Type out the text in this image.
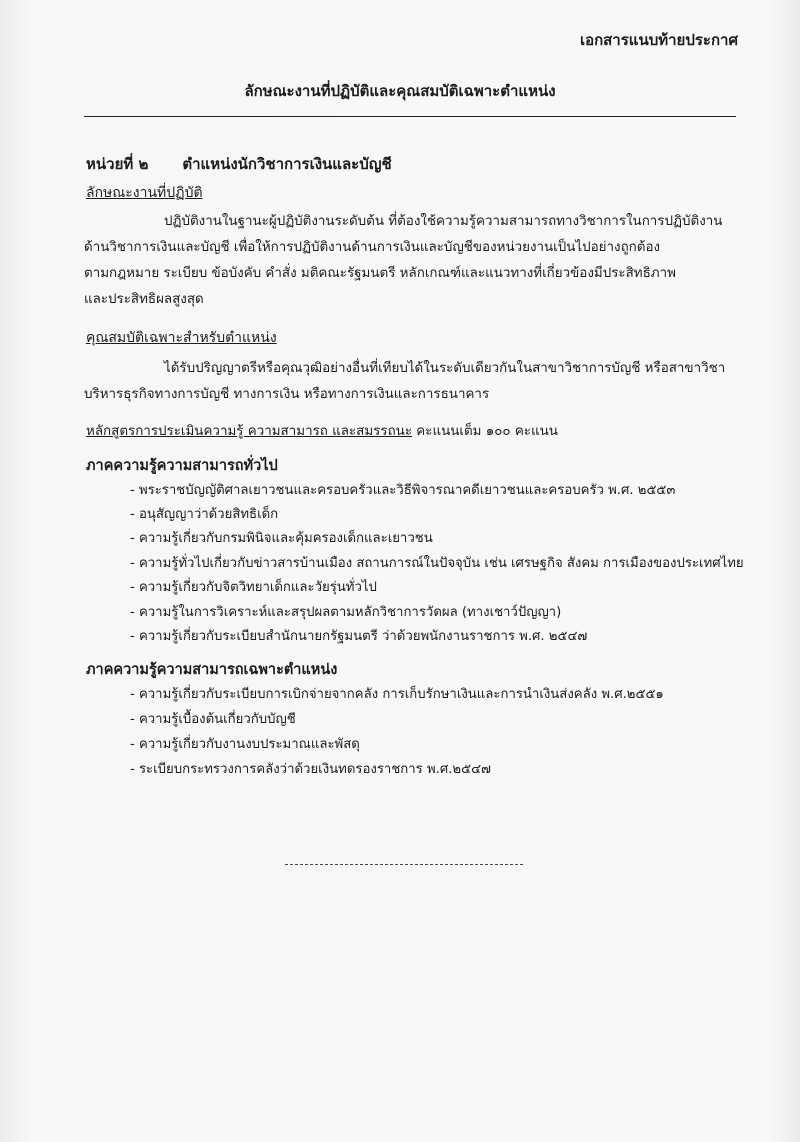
เอกสารแนบท้ายประกาศ
ลักษณะงานที่ปฏิบัติและคุณสมบัติเฉพาะตำแหน่ง
หน่วยที่ ๒ ตำแหน่งนักวิชาการเงินและบัญชี
ลักษณะงานที่ปฏิบัติ
ปฏิบัติงานในฐานะผู้ปฏิบัติงานระดับต้น ที่ต้องใช้ความรู้ความสามารถทางวิชาการในการปฏิบัติงาน
ด้านวิชาการเงินและบัญชี เพื่อให้การปฏิบัติงานด้านการเงินและบัญชีของหน่วยงานเป็นไปอย่างถูกต้อง
ตามกฎหมาย ระเบียบ ข้อบังคับ คำสั่ง มติคณะรัฐมนตรี หลักเกณฑ์และแนวทางที่เกี่ยวข้องมีประสิทธิภาพ
และประสิทธิผลสูงสุด
คุณสมบัติเฉพาะสำหรับตำแหน่ง
ได้รับปริญญาตรีหรือคุณวุฒิอย่างอื่นที่เทียบได้ในระดับเดียวกันในสาขาวิชาการบัญชี หรือสาขาวิชา
บริหารธุรกิจทางการบัญชี ทางการเงิน หรือทางการเงินและการธนาคาร
หลักสูตรการประเมินความรู้ ความสามารถ และสมรรถนะ คะแนนเต็ม ๑๐๐ คะแนน
ภาคความรู้ความสามารถทั่วไป
- พระราชบัญญัติศาลเยาวชนและครอบครัวและวิธีพิจารณาคดีเยาวชนและครอบครัว พ.ศ. ๒๕๕๓
- อนุสัญญาว่าด้วยสิทธิเด็ก
- ความรู้เกี่ยวกับกรมพินิจและคุ้มครองเด็กและเยาวชน
- ความรู้ทั่วไปเกี่ยวกับข่าวสารบ้านเมือง สถานการณ์ในปัจจุบัน เช่น เศรษฐกิจ สังคม การเมืองของประเทศไทย
- ความรู้เกี่ยวกับจิตวิทยาเด็กและวัยรุ่นทั่วไป
- ความรู้ในการวิเคราะห์และสรุปผลตามหลักวิชาการวัดผล (ทางเชาว์ปัญญา)
- ความรู้เกี่ยวกับระเบียบสำนักนายกรัฐมนตรี ว่าด้วยพนักงานราชการ พ.ศ. ๒๕๔๗
ภาคความรู้ความสามารถเฉพาะตำแหน่ง
- ความรู้เกี่ยวกับระเบียบการเบิกจ่ายจากคลัง การเก็บรักษาเงินและการนำเงินส่งคลัง พ.ศ.๒๕๕๑
- ความรู้เบื้องต้นเกี่ยวกับบัญชี
- ความรู้เกี่ยวกับงานงบประมาณและพัสดุ
- ระเบียบกระทรวงการคลังว่าด้วยเงินทดรองราชการ พ.ศ.๒๕๔๗
